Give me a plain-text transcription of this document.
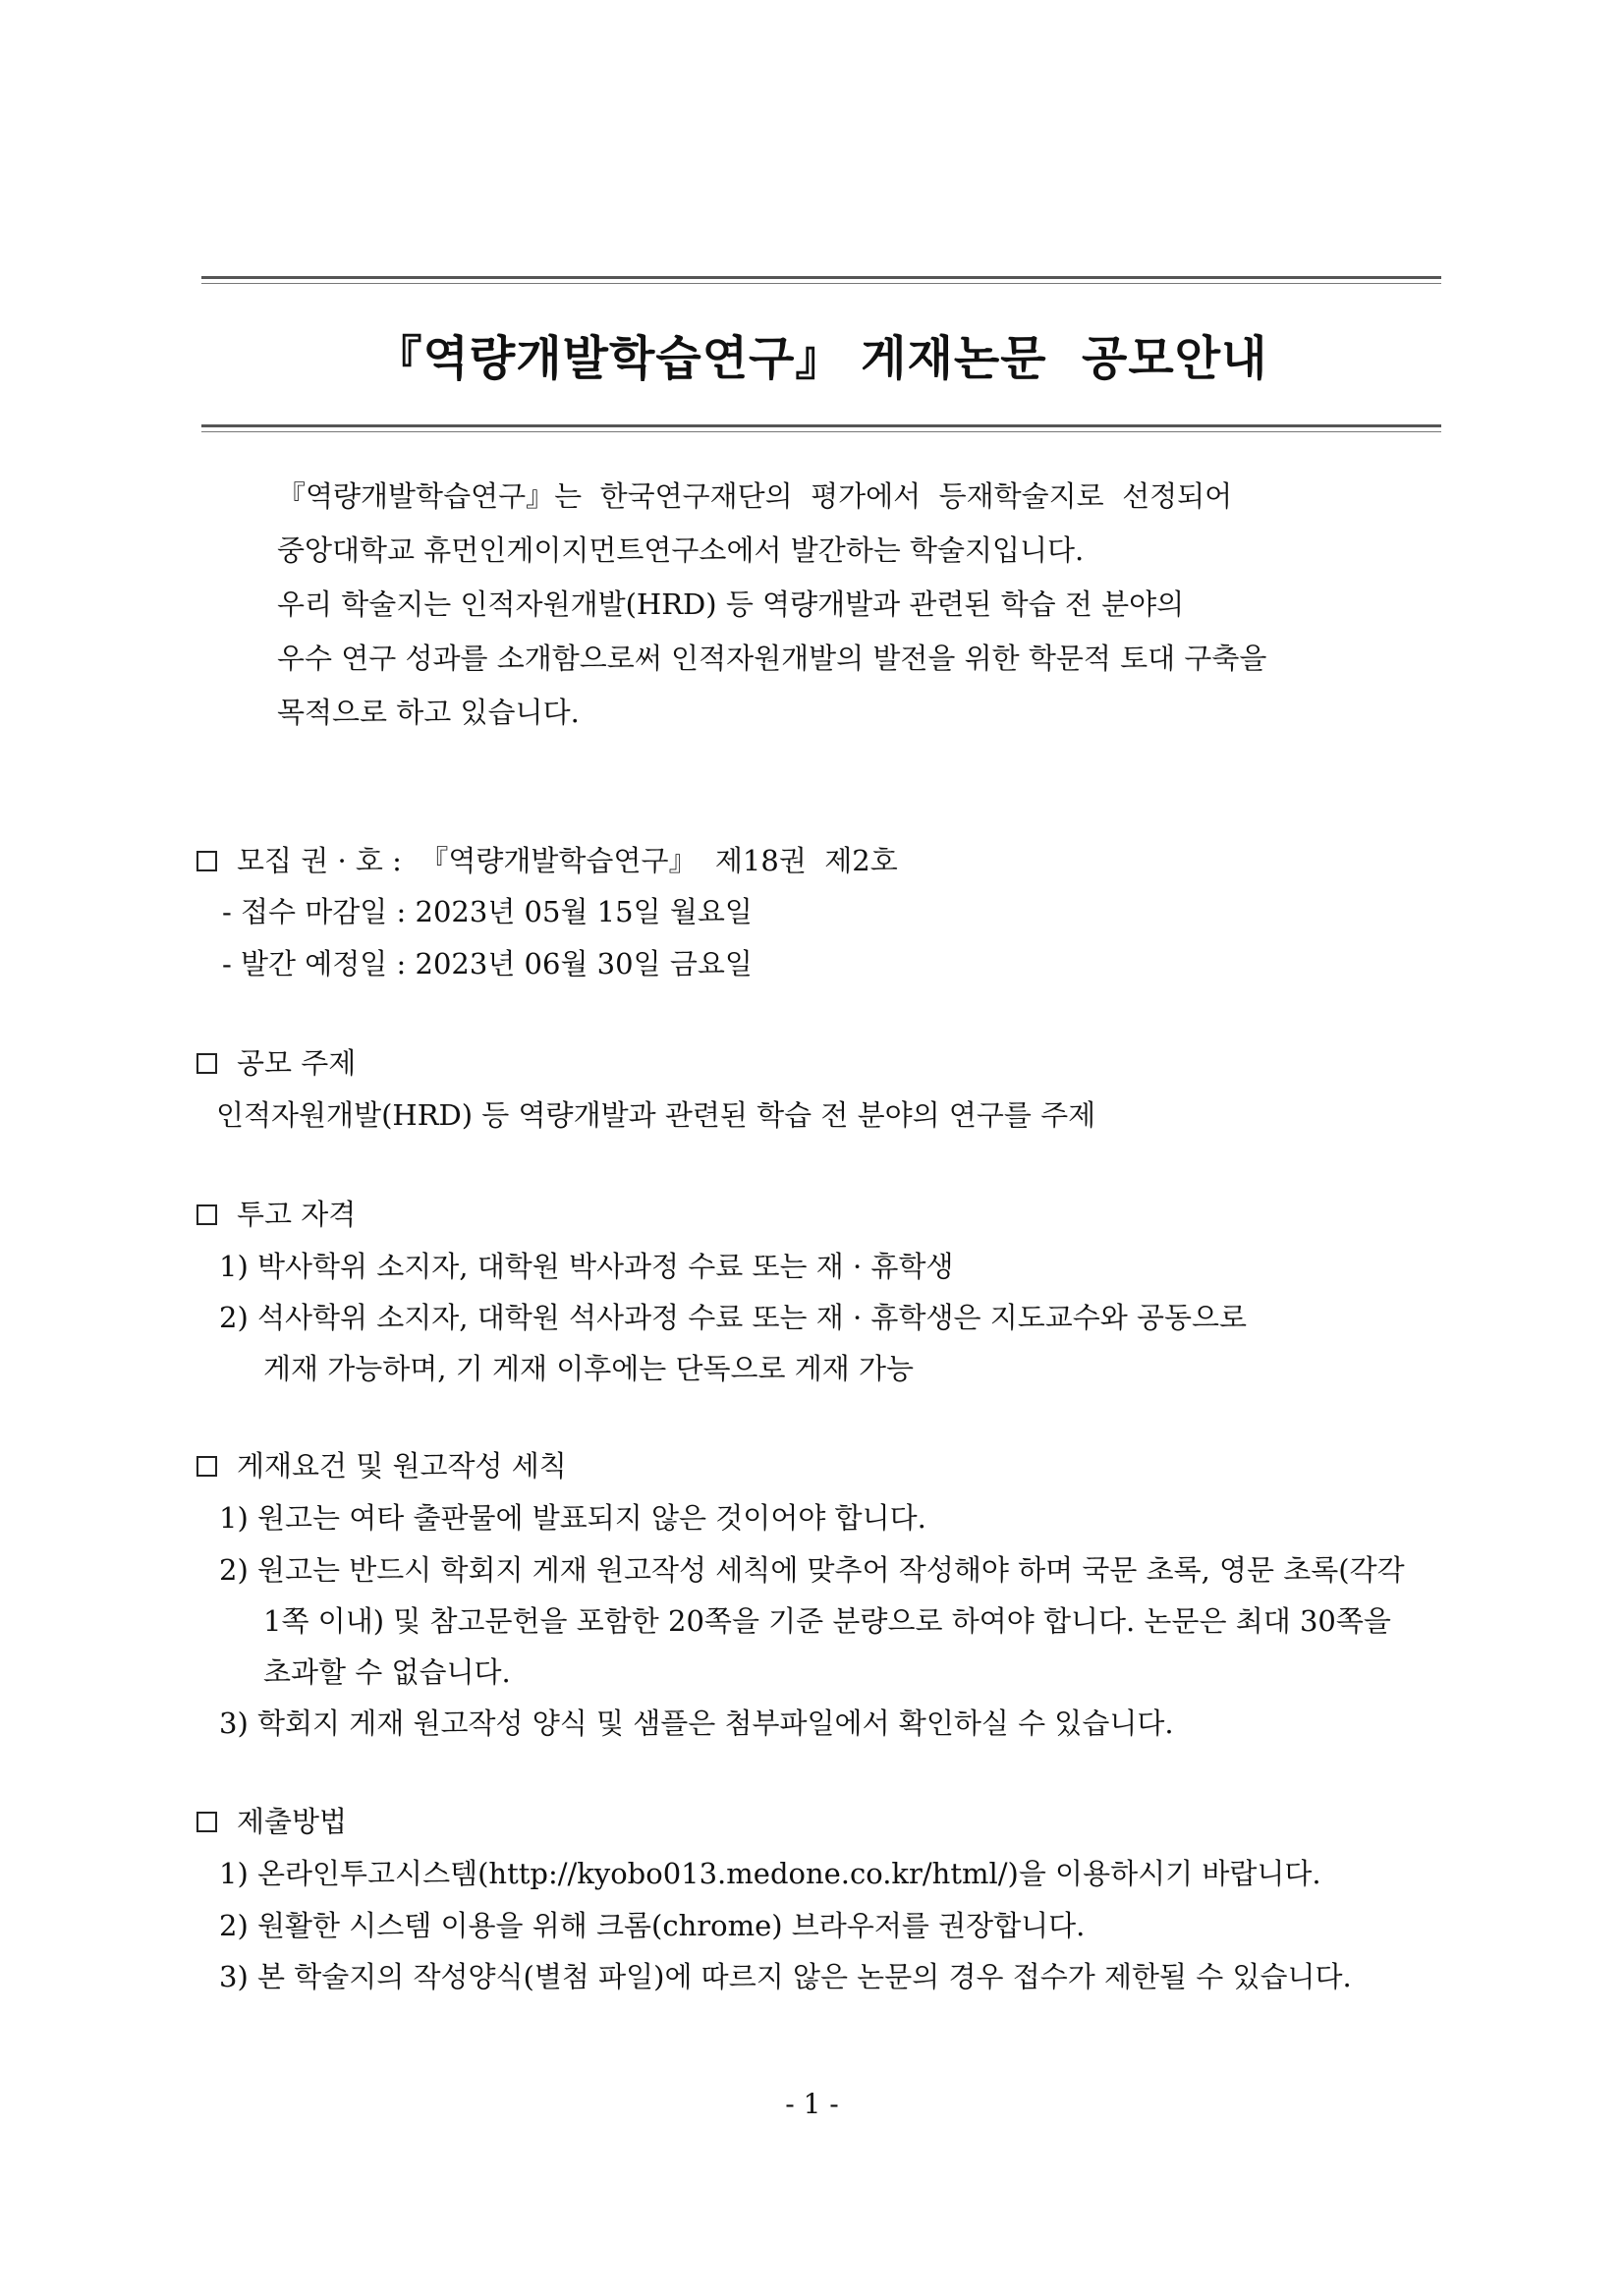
『역량개발학습연구』 게재논문  공모안내
『역량개발학습연구』는  한국연구재단의  평가에서  등재학술지로  선정되어
중앙대학교 휴먼인게이지먼트연구소에서 발간하는 학술지입니다.
우리 학술지는 인적자원개발(HRD) 등 역량개발과 관련된 학습 전 분야의
우수 연구 성과를 소개함으로써 인적자원개발의 발전을 위한 학문적 토대 구축을
목적으로 하고 있습니다.
모집 권 · 호 :  『역량개발학습연구』  제18권  제2호
- 접수 마감일 : 2023년 05월 15일 월요일
- 발간 예정일 : 2023년 06월 30일 금요일
공모 주제
인적자원개발(HRD) 등 역량개발과 관련된 학습 전 분야의 연구를 주제
투고 자격
1) 박사학위 소지자, 대학원 박사과정 수료 또는 재 · 휴학생
2) 석사학위 소지자, 대학원 석사과정 수료 또는 재 · 휴학생은 지도교수와 공동으로
게재 가능하며, 기 게재 이후에는 단독으로 게재 가능
게재요건 및 원고작성 세칙
1) 원고는 여타 출판물에 발표되지 않은 것이어야 합니다.
2) 원고는 반드시 학회지 게재 원고작성 세칙에 맞추어 작성해야 하며 국문 초록, 영문 초록(각각
1쪽 이내) 및 참고문헌을 포함한 20쪽을 기준 분량으로 하여야 합니다. 논문은 최대 30쪽을
초과할 수 없습니다.
3) 학회지 게재 원고작성 양식 및 샘플은 첨부파일에서 확인하실 수 있습니다.
제출방법
1) 온라인투고시스템(http://kyobo013.medone.co.kr/html/)을 이용하시기 바랍니다.
2) 원활한 시스템 이용을 위해 크롬(chrome) 브라우저를 권장합니다.
3) 본 학술지의 작성양식(별첨 파일)에 따르지 않은 논문의 경우 접수가 제한될 수 있습니다.
- 1 -
